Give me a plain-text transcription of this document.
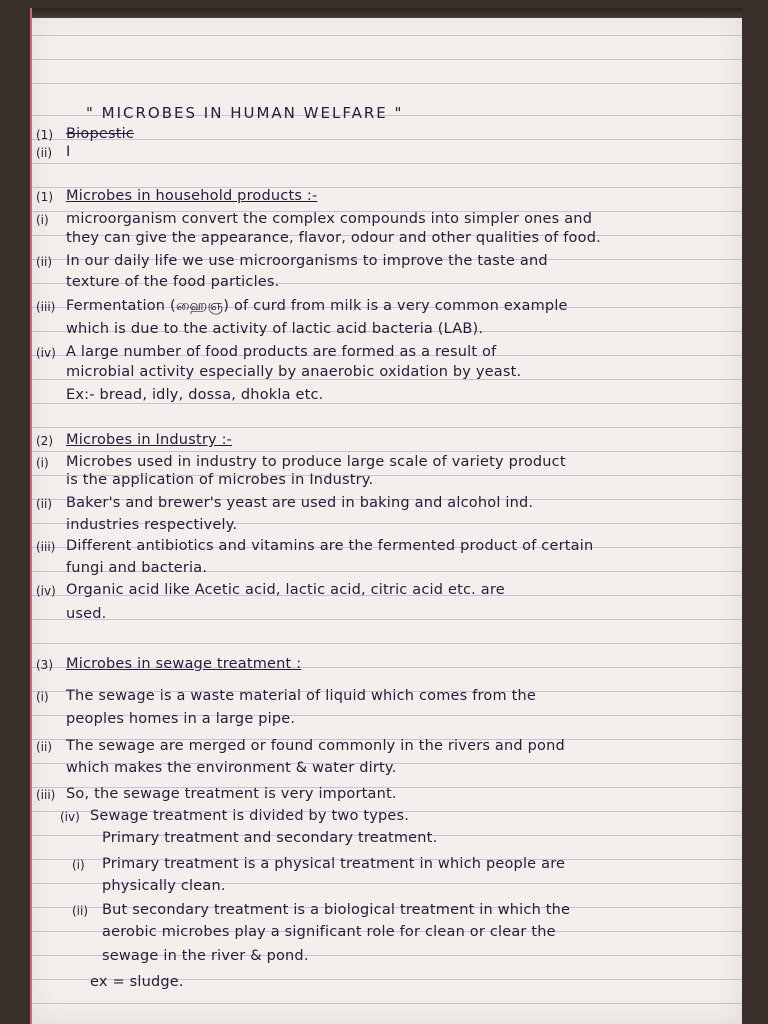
" MICROBES IN HUMAN WELFARE "
(1) Biopestic
(ii) I
(1) Microbes in household products :-
(i) microorganism convert the complex compounds into simpler ones and
they can give the appearance, flavor, odour and other qualities of food.
(ii) In our daily life we use microorganisms to improve the taste and
texture of the food particles.
(iii) Fermentation (ஹைஞ) of curd from milk is a very common example
which is due to the activity of lactic acid bacteria (LAB).
(iv) A large number of food products are formed as a result of
microbial activity especially by anaerobic oxidation by yeast.
Ex:- bread, idly, dossa, dhokla etc.
(2) Microbes in Industry :-
(i) Microbes used in industry to produce large scale of variety product
is the application of microbes in Industry.
(ii) Baker's and brewer's yeast are used in baking and alcohol ind.
industries respectively.
(iii) Different antibiotics and vitamins are the fermented product of certain
fungi and bacteria.
(iv) Organic acid like Acetic acid, lactic acid, citric acid etc. are
used.
(3) Microbes in sewage treatment :
(i) The sewage is a waste material of liquid which comes from the
peoples homes in a large pipe.
(ii) The sewage are merged or found commonly in the rivers and pond
which makes the environment & water dirty.
(iii) So, the sewage treatment is very important.
(iv) Sewage treatment is divided by two types.
Primary treatment and secondary treatment.
(i) Primary treatment is a physical treatment in which people are
physically clean.
(ii) But secondary treatment is a biological treatment in which the
aerobic microbes play a significant role for clean or clear the
sewage in the river & pond.
ex = sludge.
